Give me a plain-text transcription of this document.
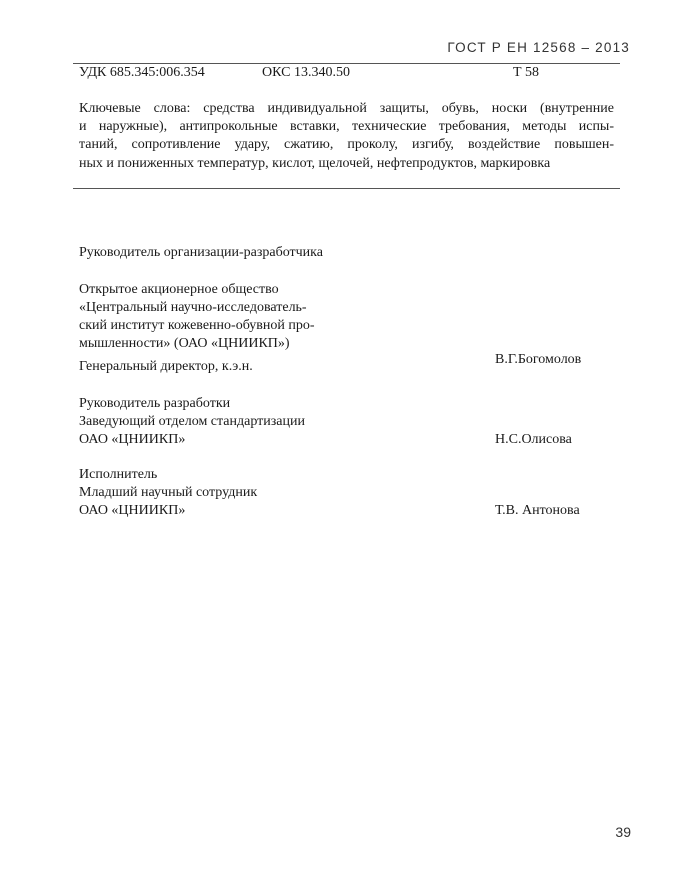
ГОСТ Р ЕН 12568 – 2013
УДК 685.345:006.354	ОКС 13.340.50	Т 58
Ключевые слова: средства индивидуальной защиты, обувь, носки (внутренние
и наружные), антипрокольные вставки, технические требования, методы испы-
таний, сопротивление удару, сжатию, проколу, изгибу, воздействие повышен-
ных и пониженных температур, кислот, щелочей, нефтепродуктов, маркировка
Руководитель организации-разработчика
Открытое акционерное общество
«Центральный научно-исследователь-
ский институт кожевенно-обувной про-
мышленности» (ОАО «ЦНИИКП»)
Генеральный директор, к.э.н.	В.Г.Богомолов
Руководитель разработки
Заведующий отделом стандартизации
ОАО «ЦНИИКП»	Н.С.Олисова
Исполнитель
Младший научный сотрудник
ОАО «ЦНИИКП»	Т.В. Антонова
39
